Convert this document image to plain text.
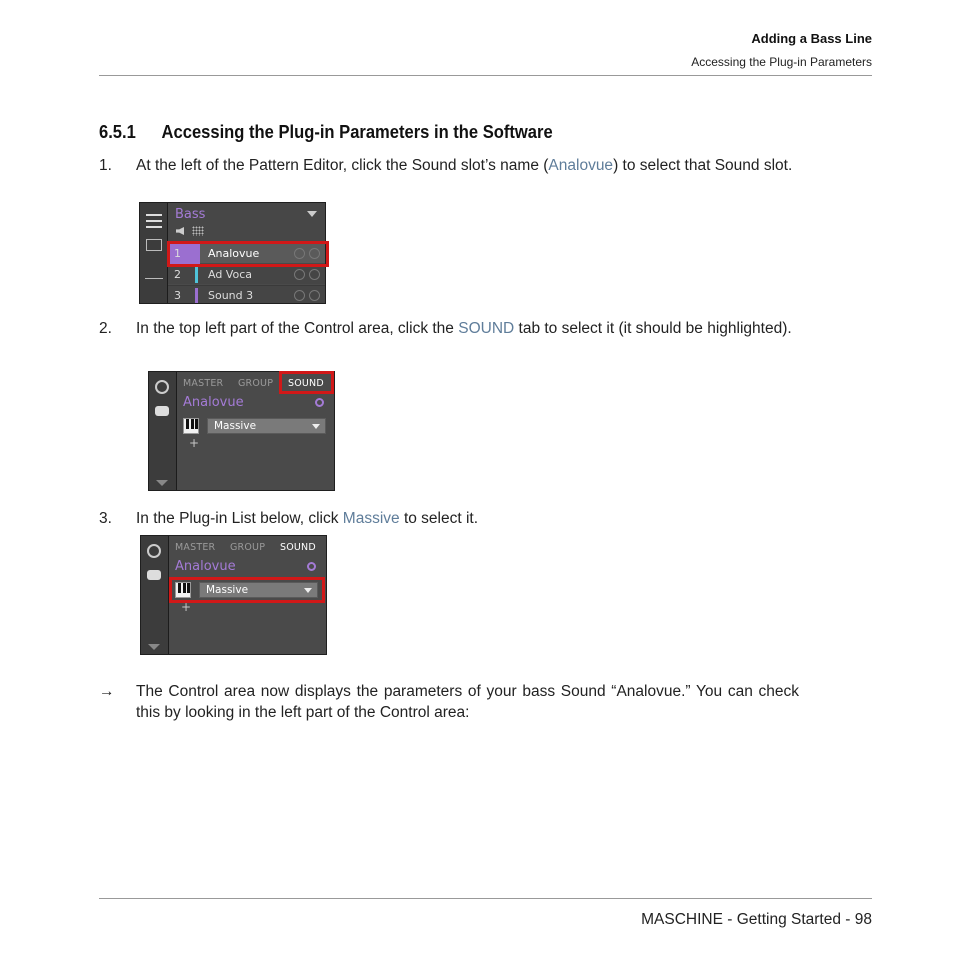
Adding a Bass Line
Accessing the Plug-in Parameters
6.5.1 Accessing the Plug-in Parameters in the Software
1. At the left of the Pattern Editor, click the Sound slot’s name (Analovue) to select that Sound slot.
Bass
1 Analovue
2 Ad Voca
3 Sound 3
2. In the top left part of the Control area, click the SOUND tab to select it (it should be highlighted).
MASTER GROUP SOUND
Analovue
Massive
+
3. In the Plug-in List below, click Massive to select it.
MASTER GROUP SOUND
Analovue
Massive
+
→ The Control area now displays the parameters of your bass Sound “Analovue.” You can check this by looking in the left part of the Control area:
MASCHINE - Getting Started - 98
